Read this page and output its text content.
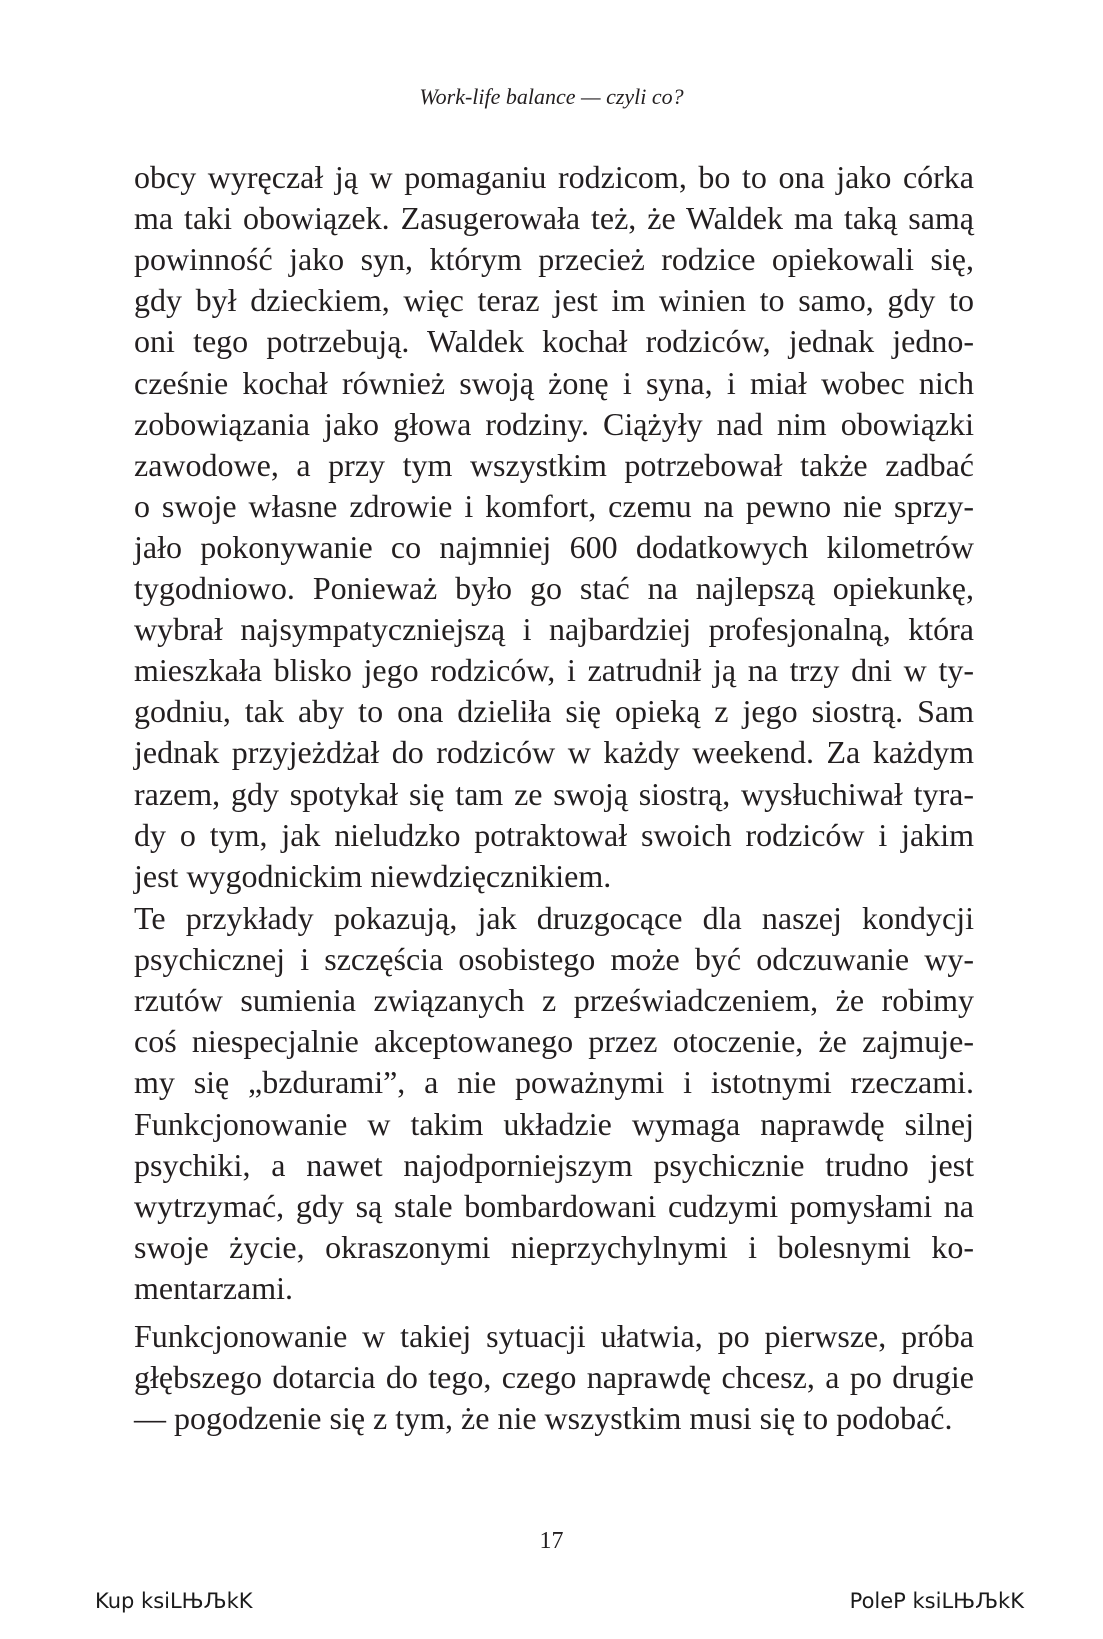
Work-life balance — czyli co?
obcy wyręczał ją w pomaganiu rodzicom, bo to ona jako córka
ma taki obowiązek. Zasugerowała też, że Waldek ma taką samą
powinność jako syn, którym przecież rodzice opiekowali się,
gdy był dzieckiem, więc teraz jest im winien to samo, gdy to
oni tego potrzebują. Waldek kochał rodziców, jednak jedno-
cześnie kochał również swoją żonę i syna, i miał wobec nich
zobowiązania jako głowa rodziny. Ciążyły nad nim obowiązki
zawodowe, a przy tym wszystkim potrzebował także zadbać
o swoje własne zdrowie i komfort, czemu na pewno nie sprzy-
jało pokonywanie co najmniej 600 dodatkowych kilometrów
tygodniowo. Ponieważ było go stać na najlepszą opiekunkę,
wybrał najsympatyczniejszą i najbardziej profesjonalną, która
mieszkała blisko jego rodziców, i zatrudnił ją na trzy dni w ty-
godniu, tak aby to ona dzieliła się opieką z jego siostrą. Sam
jednak przyjeżdżał do rodziców w każdy weekend. Za każdym
razem, gdy spotykał się tam ze swoją siostrą, wysłuchiwał tyra-
dy o tym, jak nieludzko potraktował swoich rodziców i jakim
jest wygodnickim niewdzięcznikiem.
Te przykłady pokazują, jak druzgocące dla naszej kondycji
psychicznej i szczęścia osobistego może być odczuwanie wy-
rzutów sumienia związanych z przeświadczeniem, że robimy
coś niespecjalnie akceptowanego przez otoczenie, że zajmuje-
my się „bzdurami”, a nie poważnymi i istotnymi rzeczami.
Funkcjonowanie w takim układzie wymaga naprawdę silnej
psychiki, a nawet najodporniejszym psychicznie trudno jest
wytrzymać, gdy są stale bombardowani cudzymi pomysłami na
swoje życie, okraszonymi nieprzychylnymi i bolesnymi ko-
mentarzami.
Funkcjonowanie w takiej sytuacji ułatwia, po pierwsze, próba
głębszego dotarcia do tego, czego naprawdę chcesz, a po drugie
— pogodzenie się z tym, że nie wszystkim musi się to podobać.
17
Kup ksiLЊЉkK	PoleP ksiLЊЉkK
